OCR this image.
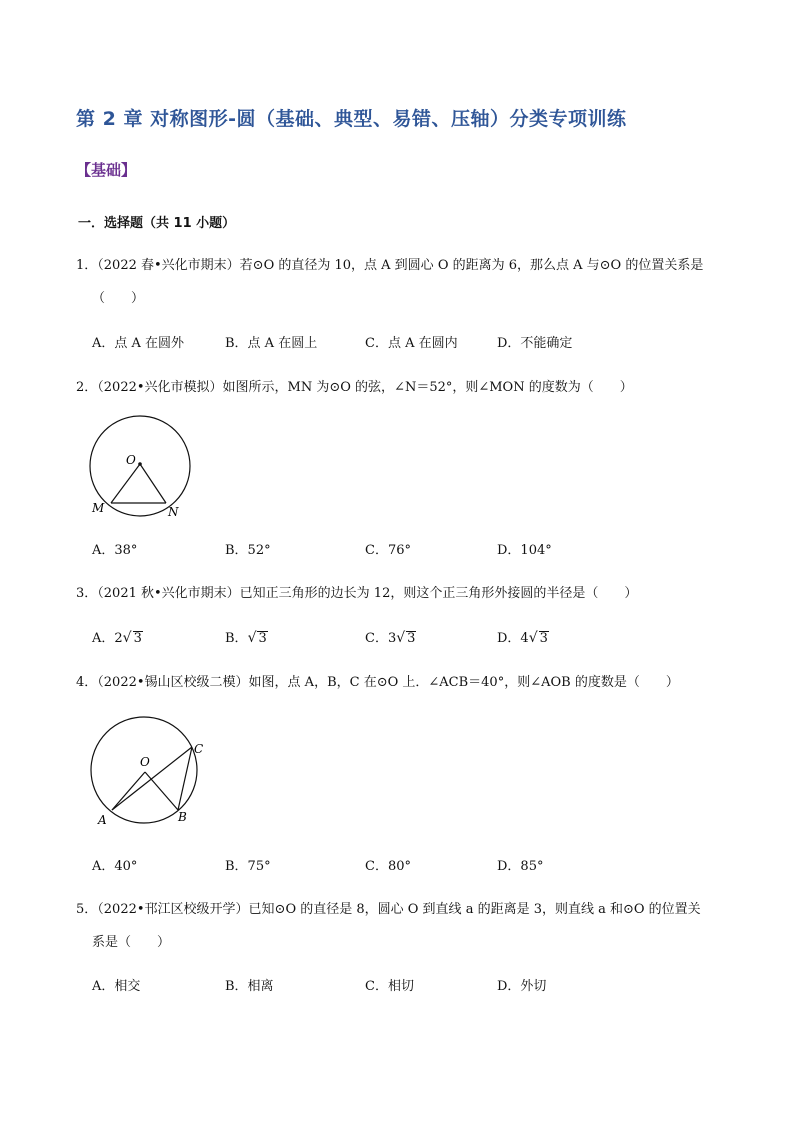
第 2 章 对称图形-圆（基础、典型、易错、压轴）分类专项训练
【基础】
一．选择题（共 11 小题）
1．（2022 春•兴化市期末）若⊙O 的直径为 10，点 A 到圆心 O 的距离为 6，那么点 A 与⊙O 的位置关系是
（　　）
A．点 A 在圆外	B．点 A 在圆上	C．点 A 在圆内	D．不能确定
2．（2022•兴化市模拟）如图所示，MN 为⊙O 的弦，∠N＝52°，则∠MON 的度数为（　　）
O
M	N
A．38°	B．52°	C．76°	D．104°
3．（2021 秋•兴化市期末）已知正三角形的边长为 12，则这个正三角形外接圆的半径是（　　）
A．2√ 3	B．√ 3	C．3√ 3	D．4√ 3
4．（2022•锡山区校级二模）如图，点 A，B，C 在⊙O 上．∠ACB＝40°，则∠AOB 的度数是（　　）
O
A	B
C
A．40°	B．75°	C．80°	D．85°
5．（2022•邗江区校级开学）已知⊙O 的直径是 8，圆心 O 到直线 a 的距离是 3，则直线 a 和⊙O 的位置关
系是（　　）
A．相交	B．相离	C．相切	D．外切
